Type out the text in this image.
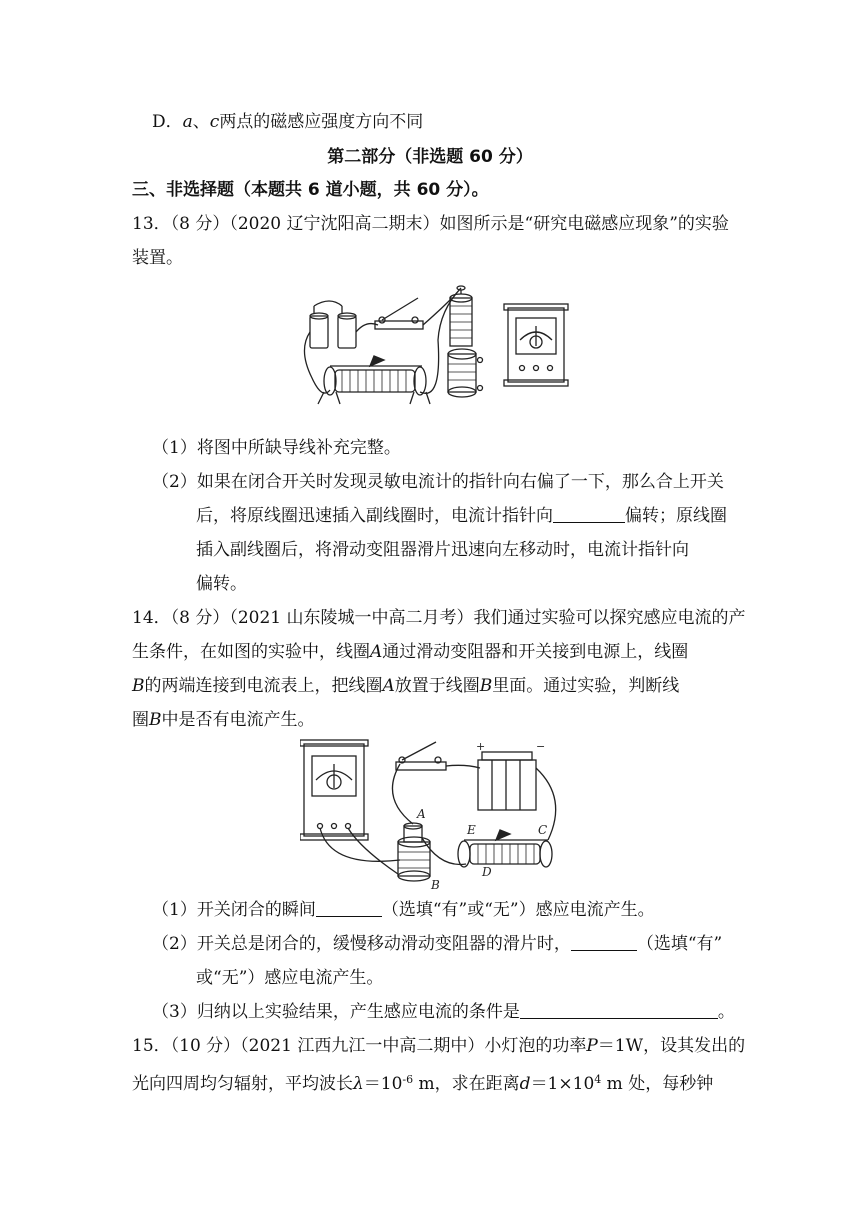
D．a、c两点的磁感应强度方向不同
第二部分（非选题 60 分）
三、非选择题（本题共 6 道小题，共 60 分）。
13．（8 分）（2020 辽宁沈阳高二期末）如图所示是“研究电磁感应现象”的实验
装置。
（1）将图中所缺导线补充完整。
（2）如果在闭合开关时发现灵敏电流计的指针向右偏了一下，那么合上开关
后，将原线圈迅速插入副线圈时，电流计指针向	偏转；原线圈
插入副线圈后，将滑动变阻器滑片迅速向左移动时，电流计指针向
偏转。
14．（8 分）（2021 山东陵城一中高二月考）我们通过实验可以探究感应电流的产
生条件，在如图的实验中，线圈A通过滑动变阻器和开关接到电源上，线圈
B的两端连接到电流表上，把线圈A放置于线圈B里面。通过实验，判断线
圈B中是否有电流产生。
A
B
C
D
E
+	−
（1）开关闭合的瞬间	（选填“有”或“无”）感应电流产生。
（2）开关总是闭合的，缓慢移动滑动变阻器的滑片时，	（选填“有”
或“无”）感应电流产生。
（3）归纳以上实验结果，产生感应电流的条件是	。
15．（10 分）（2021 江西九江一中高二期中）小灯泡的功率P＝1W，设其发出的
光向四周均匀辐射，平均波长$\lambda=10^{-6}$ m，求在距离$d=1\times 10^4$ m 处，每秒钟
